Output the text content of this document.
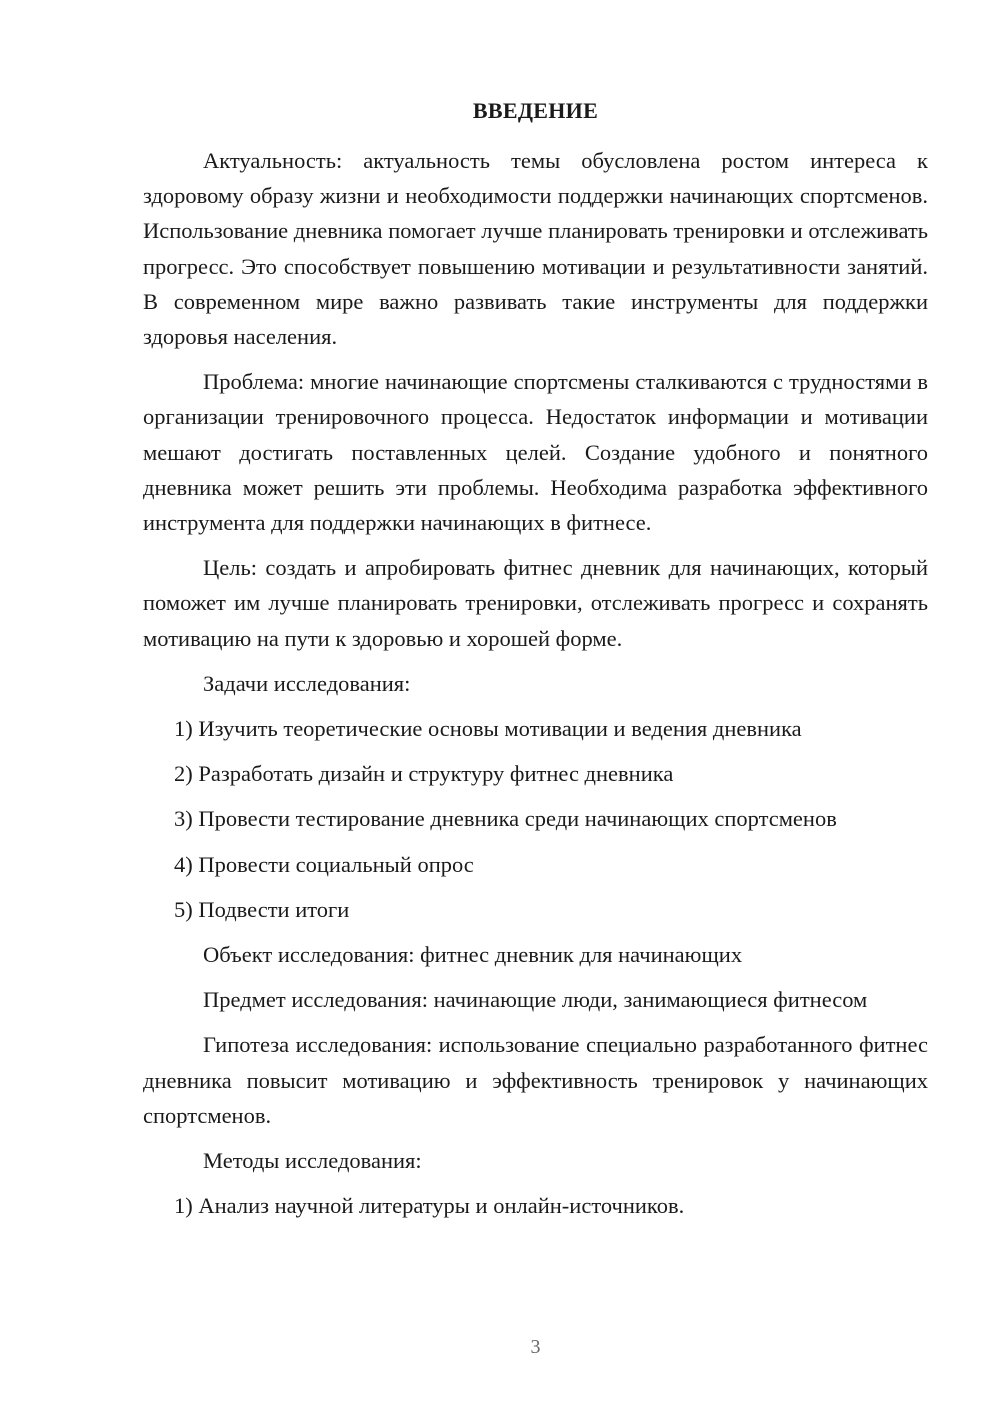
ВВЕДЕНИЕ

Актуальность: актуальность темы обусловлена ростом интереса к здоровому образу жизни и необходимости поддержки начинающих спортсменов. Использование дневника помогает лучше планировать тренировки и отслеживать прогресс. Это способствует повышению мотивации и результативности занятий. В современном мире важно развивать такие инструменты для поддержки здоровья населения.

Проблема: многие начинающие спортсмены сталкиваются с трудностями в организации тренировочного процесса. Недостаток информации и мотивации мешают достигать поставленных целей. Создание удобного и понятного дневника может решить эти проблемы. Необходима разработка эффективного инструмента для поддержки начинающих в фитнесе.

Цель: создать и апробировать фитнес дневник для начинающих, который поможет им лучше планировать тренировки, отслеживать прогресс и сохранять мотивацию на пути к здоровью и хорошей форме.

Задачи исследования:

1) Изучить теоретические основы мотивации и ведения дневника
2) Разработать дизайн и структуру фитнес дневника
3) Провести тестирование дневника среди начинающих спортсменов
4) Провести социальный опрос
5) Подвести итоги

Объект исследования: фитнес дневник для начинающих

Предмет исследования: начинающие люди, занимающиеся фитнесом

Гипотеза исследования: использование специально разработанного фитнес дневника повысит мотивацию и эффективность тренировок у начинающих спортсменов.

Методы исследования:

1) Анализ научной литературы и онлайн-источников.
3
